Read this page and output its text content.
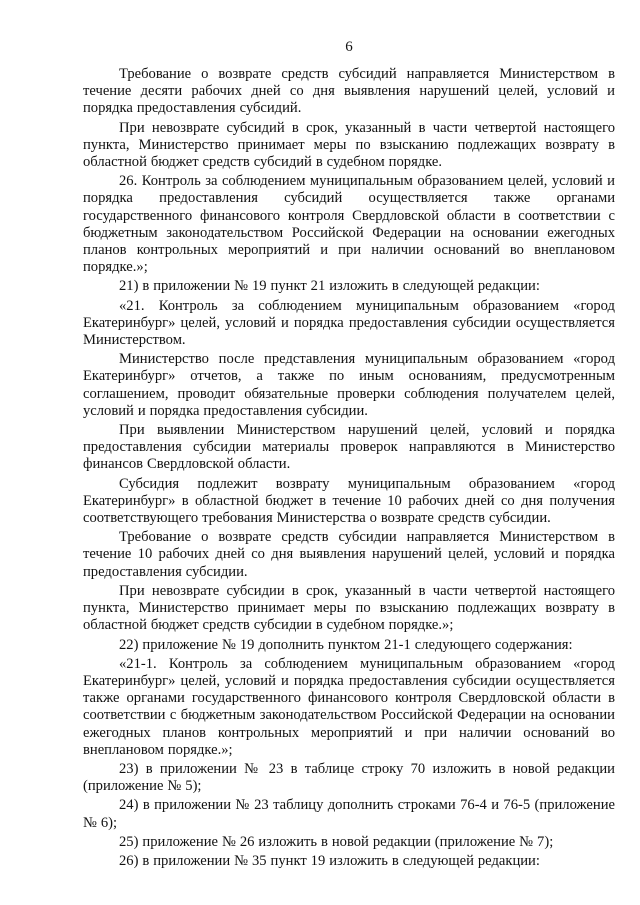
6

Требование о возврате средств субсидий направляется Министерством в течение десяти рабочих дней со дня выявления нарушений целей, условий и порядка предоставления субсидий.

При невозврате субсидий в срок, указанный в части четвертой настоящего пункта, Министерство принимает меры по взысканию подлежащих возврату в областной бюджет средств субсидий в судебном порядке.

26. Контроль за соблюдением муниципальным образованием целей, условий и порядка предоставления субсидий осуществляется также органами государственного финансового контроля Свердловской области в соответствии с бюджетным законодательством Российской Федерации на основании ежегодных планов контрольных мероприятий и при наличии оснований во внеплановом порядке.»;

21) в приложении № 19 пункт 21 изложить в следующей редакции:

«21. Контроль за соблюдением муниципальным образованием «город Екатеринбург» целей, условий и порядка предоставления субсидии осуществляется Министерством.

Министерство после представления муниципальным образованием «город Екатеринбург» отчетов, а также по иным основаниям, предусмотренным соглашением, проводит обязательные проверки соблюдения получателем целей, условий и порядка предоставления субсидии.

При выявлении Министерством нарушений целей, условий и порядка предоставления субсидии материалы проверок направляются в Министерство финансов Свердловской области.

Субсидия подлежит возврату муниципальным образованием «город Екатеринбург» в областной бюджет в течение 10 рабочих дней со дня получения соответствующего требования Министерства о возврате средств субсидии.

Требование о возврате средств субсидии направляется Министерством в течение 10 рабочих дней со дня выявления нарушений целей, условий и порядка предоставления субсидии.

При невозврате субсидии в срок, указанный в части четвертой настоящего пункта, Министерство принимает меры по взысканию подлежащих возврату в областной бюджет средств субсидии в судебном порядке.»;

22) приложение № 19 дополнить пунктом 21-1 следующего содержания:

«21-1. Контроль за соблюдением муниципальным образованием «город Екатеринбург» целей, условий и порядка предоставления субсидии осуществляется также органами государственного финансового контроля Свердловской области в соответствии с бюджетным законодательством Российской Федерации на основании ежегодных планов контрольных мероприятий и при наличии оснований во внеплановом порядке.»;

23) в приложении № 23 в таблице строку 70 изложить в новой редакции (приложение № 5);

24) в приложении № 23 таблицу дополнить строками 76-4 и 76-5 (приложение № 6);

25) приложение № 26 изложить в новой редакции (приложение № 7);

26) в приложении № 35 пункт 19 изложить в следующей редакции:
